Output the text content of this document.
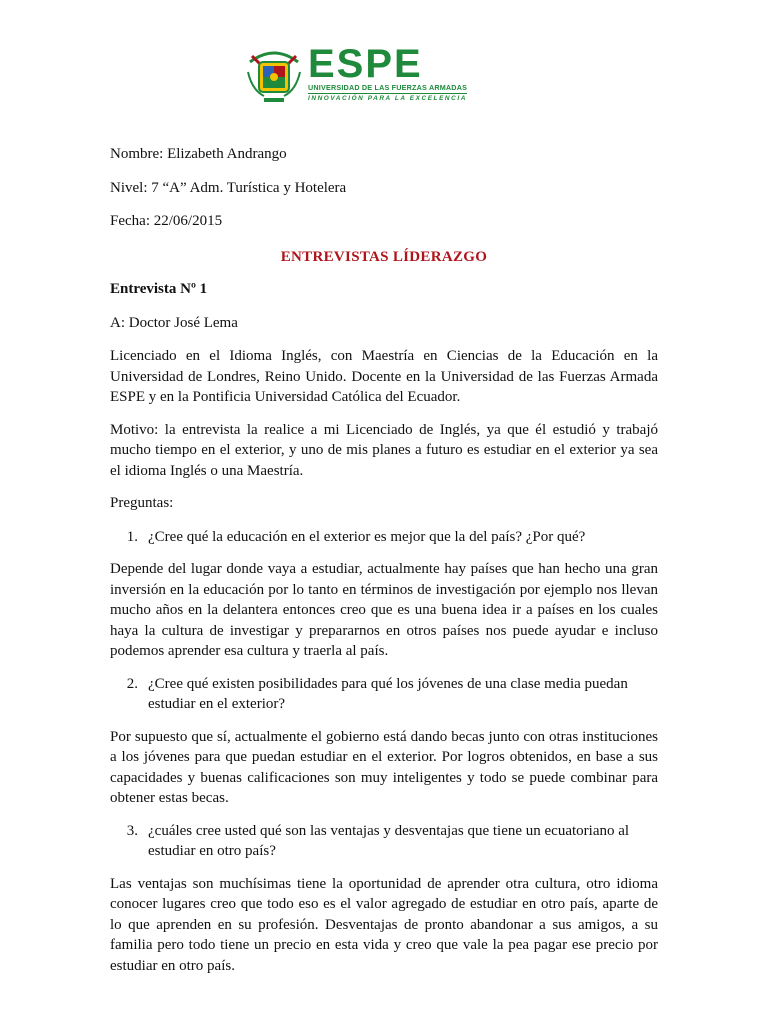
ESPE
UNIVERSIDAD DE LAS FUERZAS ARMADAS
INNOVACIÓN PARA LA EXCELENCIA
Nombre: Elizabeth Andrango
Nivel: 7 “A” Adm. Turística y Hotelera
Fecha: 22/06/2015
ENTREVISTAS LÍDERAZGO
Entrevista Nº 1
A: Doctor José Lema

Licenciado en el Idioma Inglés, con Maestría en Ciencias de la Educación en la Universidad de Londres, Reino Unido. Docente en la Universidad de las Fuerzas Armada ESPE y en la Pontificia Universidad Católica del Ecuador.

Motivo: la entrevista la realice a mi Licenciado de Inglés, ya que él estudió y trabajó mucho tiempo en el exterior, y uno de mis planes a futuro es estudiar en el exterior ya sea el idioma Inglés o una Maestría.

Preguntas:
1. ¿Cree qué la educación en el exterior es mejor que la del país? ¿Por qué?

Depende del lugar donde vaya a estudiar, actualmente hay países que han hecho una gran inversión en la educación por lo tanto en términos de investigación por ejemplo nos llevan mucho años en la delantera entonces creo que es una buena idea ir a países en los cuales haya la cultura de investigar y prepararnos en otros países nos puede ayudar e incluso podemos aprender esa cultura y traerla al país.

2. ¿Cree qué existen posibilidades para qué los jóvenes de una clase media puedan estudiar en el exterior?

Por supuesto que sí, actualmente el gobierno está dando becas junto con otras instituciones a los jóvenes para que puedan estudiar en el exterior. Por logros obtenidos, en base a sus capacidades y buenas calificaciones son muy inteligentes y todo se puede combinar para obtener estas becas.

3. ¿cuáles cree usted qué son las ventajas y desventajas que tiene un ecuatoriano al estudiar en otro país?

Las ventajas son muchísimas tiene la oportunidad de aprender otra cultura, otro idioma conocer lugares creo que todo eso es el valor agregado de estudiar en otro país, aparte de lo que aprenden en su profesión. Desventajas de pronto abandonar a sus amigos, a su familia pero todo tiene un precio en esta vida y creo que vale la pea pagar ese precio por estudiar en otro país.
